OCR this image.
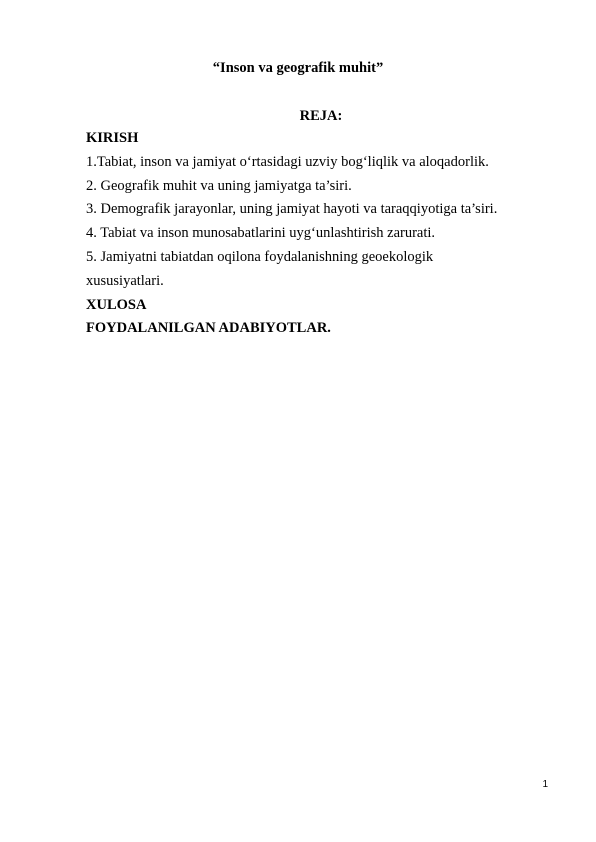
“Inson va geografik muhit”
REJA:
KIRISH
1.Tabiat, inson va jamiyat o‘rtasidagi uzviy bog‘liqlik va aloqadorlik.
2. Geografik muhit va uning jamiyatga ta’siri.
3. Demografik jarayonlar, uning jamiyat hayoti va taraqqiyotiga ta’siri.
4. Tabiat va inson munosabatlarini uyg‘unlashtirish zarurati.
5. Jamiyatni tabiatdan oqilona foydalanishning geoekologik
xususiyatlari.
XULOSA
FOYDALANILGAN ADABIYOTLAR.
1
